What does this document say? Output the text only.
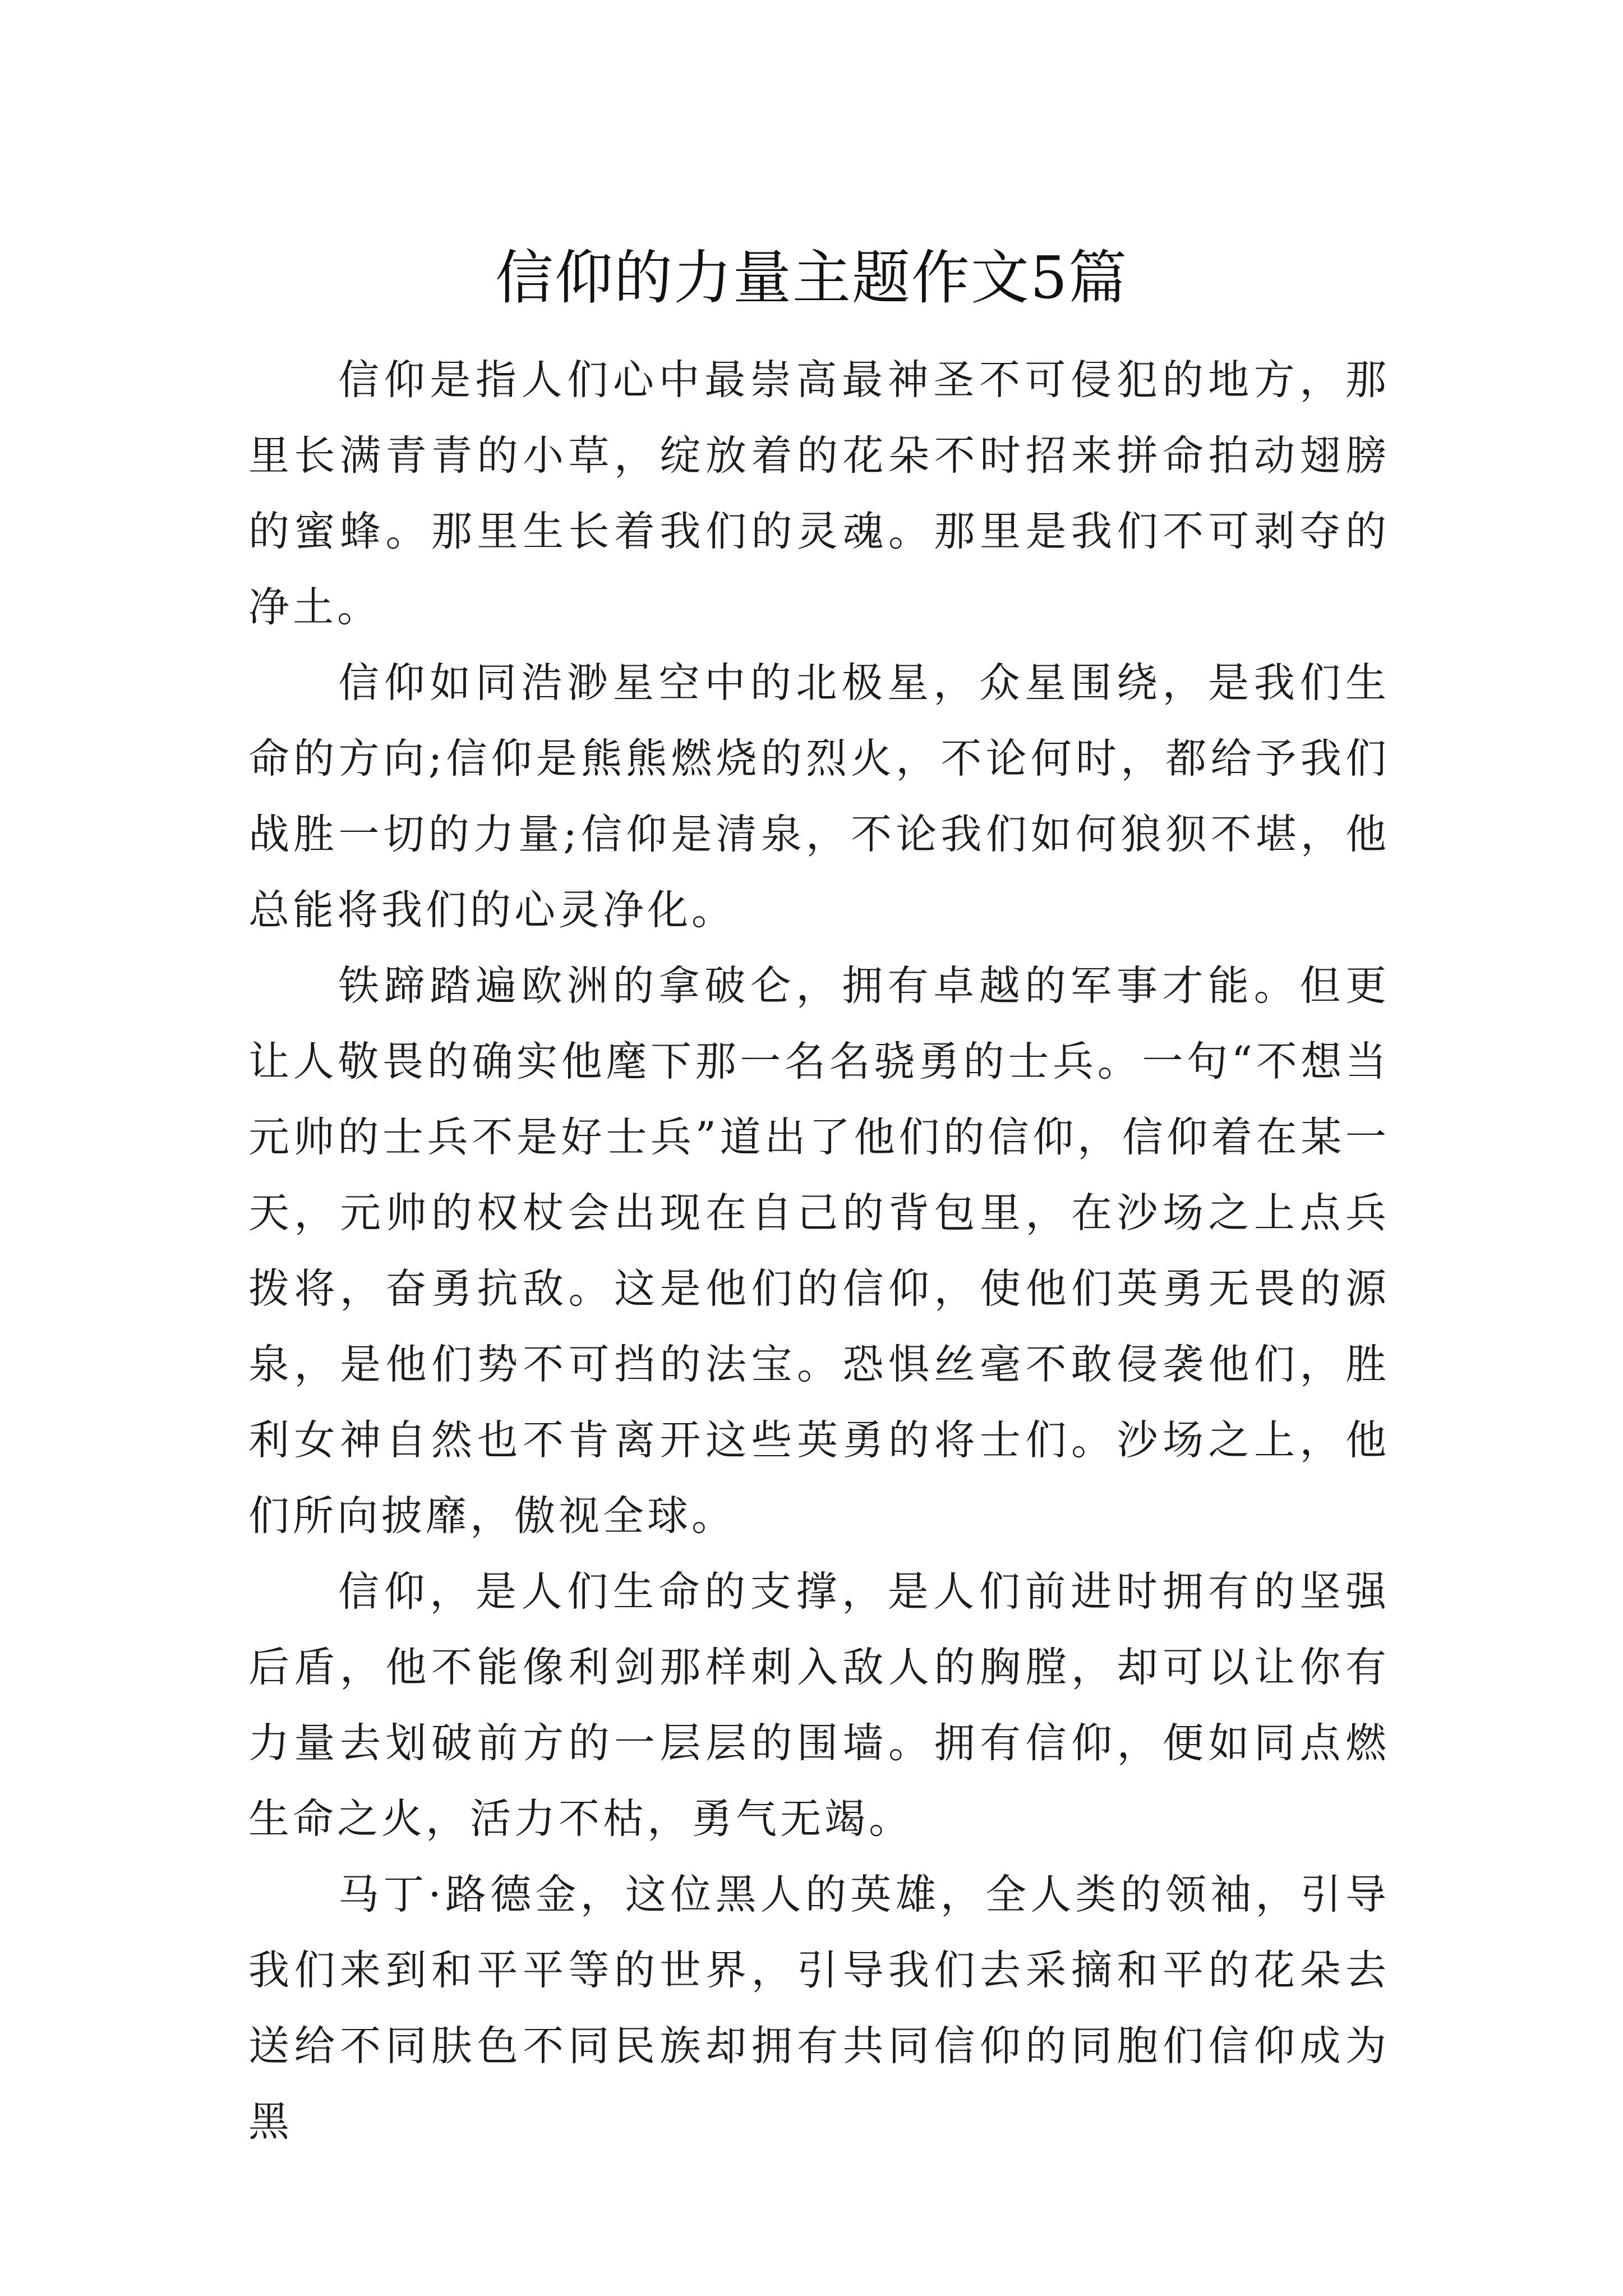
信仰的力量主题作文5篇

信仰是指人们心中最崇高最神圣不可侵犯的地方，那里长满青青的小草，绽放着的花朵不时招来拼命拍动翅膀的蜜蜂。那里生长着我们的灵魂。那里是我们不可剥夺的净土。

信仰如同浩渺星空中的北极星，众星围绕，是我们生命的方向;信仰是熊熊燃烧的烈火，不论何时，都给予我们战胜一切的力量;信仰是清泉，不论我们如何狼狈不堪，他总能将我们的心灵净化。

铁蹄踏遍欧洲的拿破仑，拥有卓越的军事才能。但更让人敬畏的确实他麾下那一名名骁勇的士兵。一句“不想当元帅的士兵不是好士兵”道出了他们的信仰，信仰着在某一天，元帅的权杖会出现在自己的背包里，在沙场之上点兵拨将，奋勇抗敌。这是他们的信仰，使他们英勇无畏的源泉，是他们势不可挡的法宝。恐惧丝毫不敢侵袭他们，胜利女神自然也不肯离开这些英勇的将士们。沙场之上，他们所向披靡，傲视全球。

信仰，是人们生命的支撑，是人们前进时拥有的坚强后盾，他不能像利剑那样刺入敌人的胸膛，却可以让你有力量去划破前方的一层层的围墙。拥有信仰，便如同点燃生命之火，活力不枯，勇气无竭。

马丁·路德金，这位黑人的英雄，全人类的领袖，引导我们来到和平平等的世界，引导我们去采摘和平的花朵去送给不同肤色不同民族却拥有共同信仰的同胞们信仰成为黑
